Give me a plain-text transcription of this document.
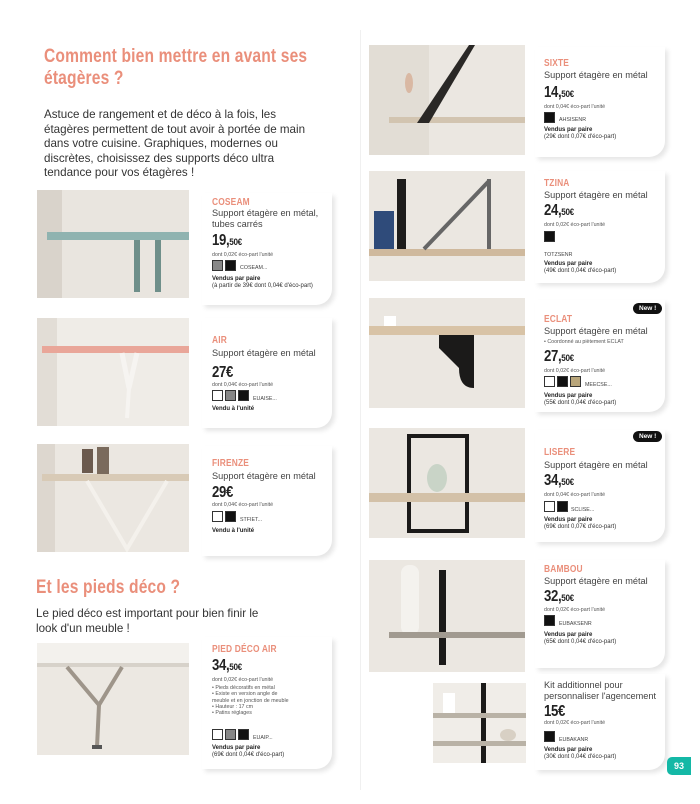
Comment bien mettre en avant ses étagères ?
Astuce de rangement et de déco à la fois, les étagères permettent de tout avoir à portée de main dans votre cuisine. Graphiques, modernes ou discrètes, choisissez des supports déco ultra tendance pour vos étagères !
COSEAM
Support étagère en métal, tubes carrés
19,50€
dont 0,02€ éco-part l'unité
COSEAM...
Vendus par paire
(à partir de 39€ dont 0,04€ d'éco-part)
AIR
Support étagère en métal
27€
dont 0,04€ éco-part l'unité
EUAISE...
Vendu à l'unité
FIRENZE
Support étagère en métal
29€
dont 0,04€ éco-part l'unité
STFIET...
Vendu à l'unité
Et les pieds déco ?
Le pied déco est important pour bien finir le look d'un meuble !
PIED DÉCO AIR
34,50€
dont 0,02€ éco-part l'unité
• Pieds décoratifs en métal
• Existe en version angle de
meuble et en jonction de meuble
• Hauteur : 17 cm
• Patins réglages
EUAIP...
Vendus par paire
(69€ dont 0,04€ d'éco-part)
SIXTE
Support étagère en métal
14,50€
dont 0,04€ éco-part l'unité
AHSISENR
Vendus par paire
(29€ dont 0,07€ d'éco-part)
TZINA
Support étagère en métal
24,50€
dont 0,02€ éco-part l'unité
TOTZSENR
Vendus par paire
(49€ dont 0,04€ d'éco-part)
New !
ECLAT
Support étagère en métal
• Coordonné au piètement ECLAT
27,50€
dont 0,02€ éco-part l'unité
MEECSE...
Vendus par paire
(55€ dont 0,04€ d'éco-part)
New !
LISERE
Support étagère en métal
34,50€
dont 0,04€ éco-part l'unité
SCLISE...
Vendus par paire
(69€ dont 0,07€ d'éco-part)
BAMBOU
Support étagère en métal
32,50€
dont 0,02€ éco-part l'unité
EUBAKSENR
Vendus par paire
(65€ dont 0,04€ d'éco-part)
Kit additionnel pour personnaliser l'agencement
15€
dont 0,02€ éco-part l'unité
EUBAKANR
Vendus par paire
(30€ dont 0,04€ d'éco-part)
93
